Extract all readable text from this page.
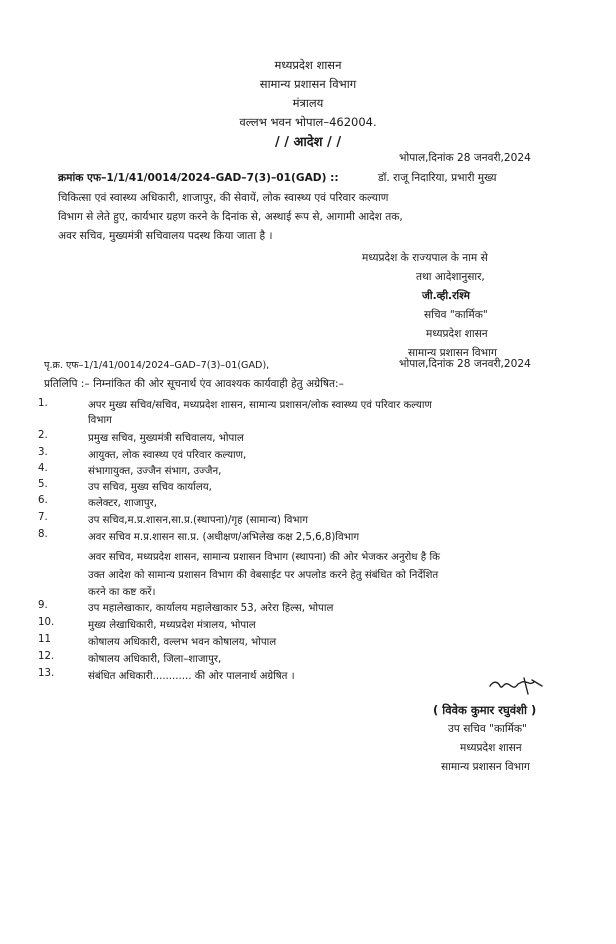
मध्यप्रदेश शासन
सामान्य प्रशासन विभाग
मंत्रालय
वल्लभ भवन भोपाल–462004.
/ / आदेश / /
भोपाल,दिनांक 28 जनवरी,2024
क्रमांक एफ–1/1/41/0014/2024–GAD–7(3)–01(GAD) ::	डॉ. राजू निदारिया, प्रभारी मुख्य
चिकित्सा एवं स्वास्थ्य अधिकारी, शाजापुर, की सेवायें, लोक स्वास्थ्य एवं परिवार कल्याण
विभाग से लेते हुए, कार्यभार ग्रहण करने के दिनांक से, अस्थाई रूप से, आगामी आदेश तक,
अवर सचिव, मुख्यमंत्री सचिवालय पदस्थ किया जाता है ।
मध्यप्रदेश के राज्यपाल के नाम से
तथा आदेशानुसार,
जी.व्ही.रश्मि
सचिव "कार्मिक"
मध्यप्रदेश शासन
सामान्य प्रशासन विभाग
पृ.क्र. एफ–1/1/41/0014/2024–GAD–7(3)–01(GAD),	भोपाल,दिनांक 28 जनवरी,2024
प्रतिलिपि :– निम्नांकित की ओर सूचनार्थ एंव आवश्यक कार्यवाही हेतु अग्रेषित:–
1.	अपर मुख्य सचिव/सचिव, मध्यप्रदेश शासन, सामान्य प्रशासन/लोक स्वास्थ्य एवं परिवार कल्याण
विभाग
2.	प्रमुख सचिव, मुख्यमंत्री सचिवालय, भोपाल
3.	आयुक्त, लोक स्वास्थ्य एवं परिवार कल्याण,
4.	संभागायुक्त, उज्जैन संभाग, उज्जैन,
5.	उप सचिव, मुख्य सचिव कार्यालय,
6.	कलेक्टर, शाजापुर,
7.	उप सचिव,म.प्र.शासन,सा.प्र.(स्थापना)/गृह (सामान्य) विभाग
8.	अवर सचिव म.प्र.शासन सा.प्र. (अधीक्षण/अभिलेख कक्ष 2,5,6,8)विभाग
अवर सचिव, मध्यप्रदेश शासन, सामान्य प्रशासन विभाग (स्थापना) की ओर भेजकर अनुरोध है कि
उक्त आदेश को सामान्य प्रशासन विभाग की वेबसाईट पर अपलोड करने हेतु संबंधित को निर्देशित
करने का कष्ट करें।
9.	उप महालेखाकार, कार्यालय महालेखाकार 53, अरेरा हिल्स, भोपाल
10.	मुख्य लेखाधिकारी, मध्यप्रदेश मंत्रालय, भोपाल
11	कोषालय अधिकारी, वल्लभ भवन कोषालय, भोपाल
12.	कोषालय अधिकारी, जिला–शाजापुर,
13.	संबंधित अधिकारी............ की ओर पालनार्थ अग्रेषित ।
( विवेक कुमार रघुवंशी )
उप सचिव "कार्मिक"
मध्यप्रदेश शासन
सामान्य प्रशासन विभाग
